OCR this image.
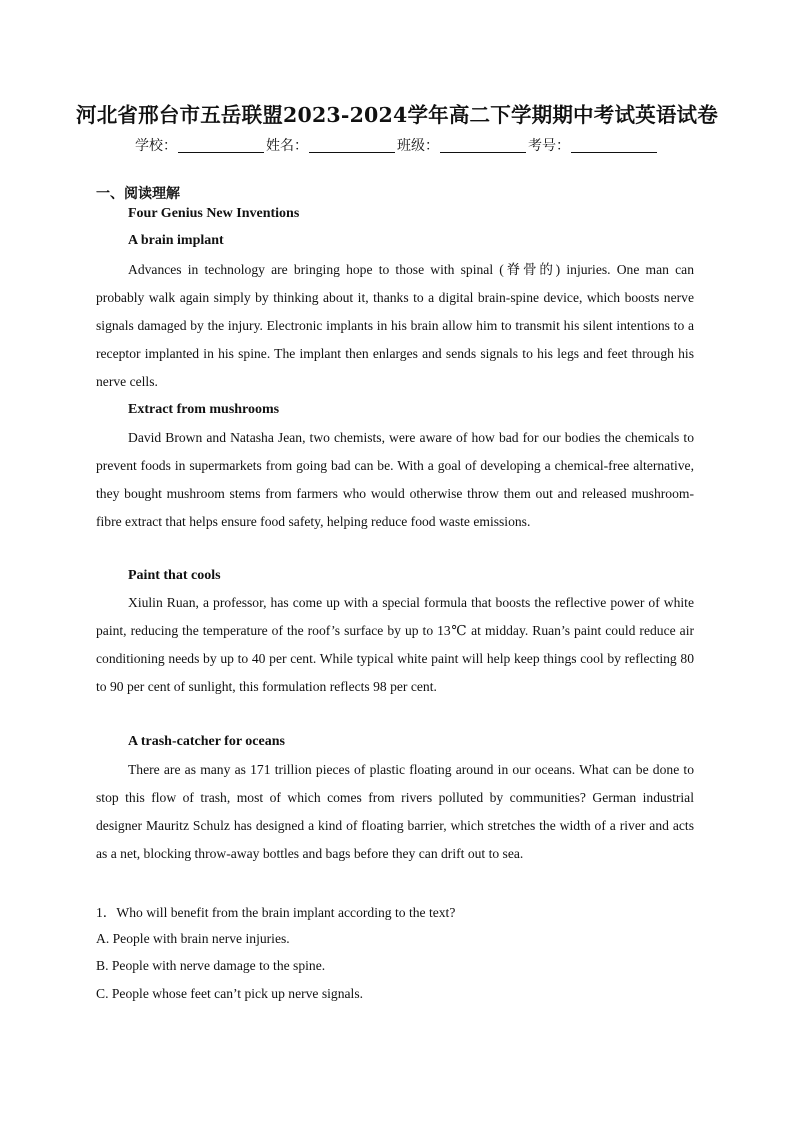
河北省邢台市五岳联盟2023-2024学年高二下学期期中考试英语试卷
学校：	姓名：	班级：	考号：
一、阅读理解
Four Genius New Inventions
A brain implant

Advances in technology are bringing hope to those with spinal (脊骨的) injuries. One man can probably walk again simply by thinking about it, thanks to a digital brain-spine device, which boosts nerve signals damaged by the injury. Electronic implants in his brain allow him to transmit his silent intentions to a receptor implanted in his spine. The implant then enlarges and sends signals to his legs and feet through his nerve cells.

Extract from mushrooms

David Brown and Natasha Jean, two chemists, were aware of how bad for our bodies the chemicals to prevent foods in supermarkets from going bad can be. With a goal of developing a chemical-free alternative, they bought mushroom stems from farmers who would otherwise throw them out and released mushroom-fibre extract that helps ensure food safety, helping reduce food waste emissions.

Paint that cools

Xiulin Ruan, a professor, has come up with a special formula that boosts the reflective power of white paint, reducing the temperature of the roof’s surface by up to 13℃ at midday. Ruan’s paint could reduce air conditioning needs by up to 40 per cent. While typical white paint will help keep things cool by reflecting 80 to 90 per cent of sunlight, this formulation reflects 98 per cent.

A trash-catcher for oceans

There are as many as 171 trillion pieces of plastic floating around in our oceans. What can be done to stop this flow of trash, most of which comes from rivers polluted by communities? German industrial designer Mauritz Schulz has designed a kind of floating barrier, which stretches the width of a river and acts as a net, blocking throw-away bottles and bags before they can drift out to sea.

1．Who will benefit from the brain implant according to the text?
A. People with brain nerve injuries.
B. People with nerve damage to the spine.
C. People whose feet can’t pick up nerve signals.
